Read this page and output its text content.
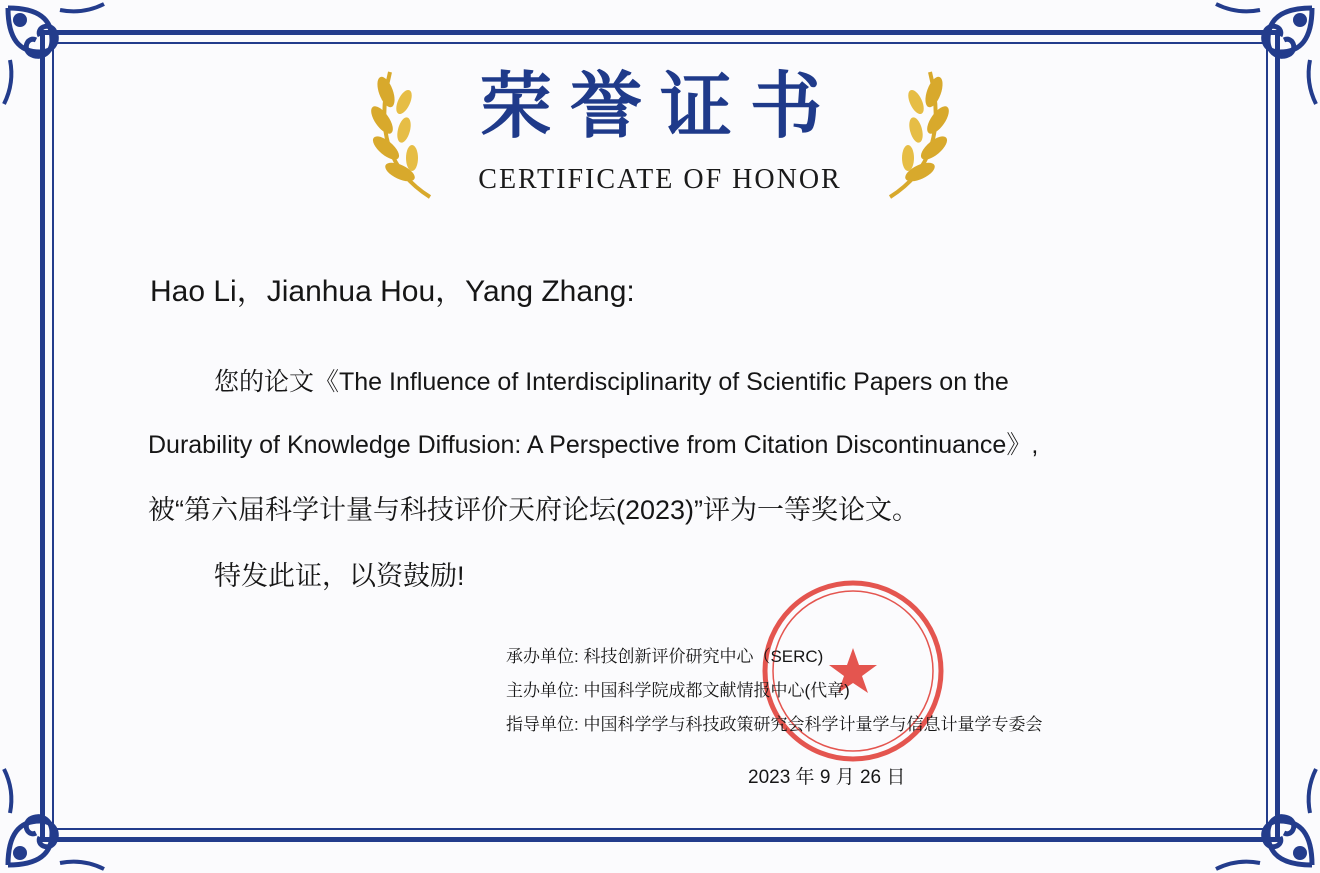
荣誉证书
CERTIFICATE OF HONOR
Hao Li，Jianhua Hou，Yang Zhang:
您的论文《The Influence of Interdisciplinarity of Scientific Papers on the
Durability of Knowledge Diffusion: A Perspective from Citation Discontinuance》,
被“第六届科学计量与科技评价天府论坛(2023)”评为一等奖论文。
特发此证，以资鼓励!
承办单位: 科技创新评价研究中心（SERC)
主办单位: 中国科学院成都文献情报中心(代章)
指导单位: 中国科学学与科技政策研究会科学计量学与信息计量学专委会
2023 年 9 月 26 日
